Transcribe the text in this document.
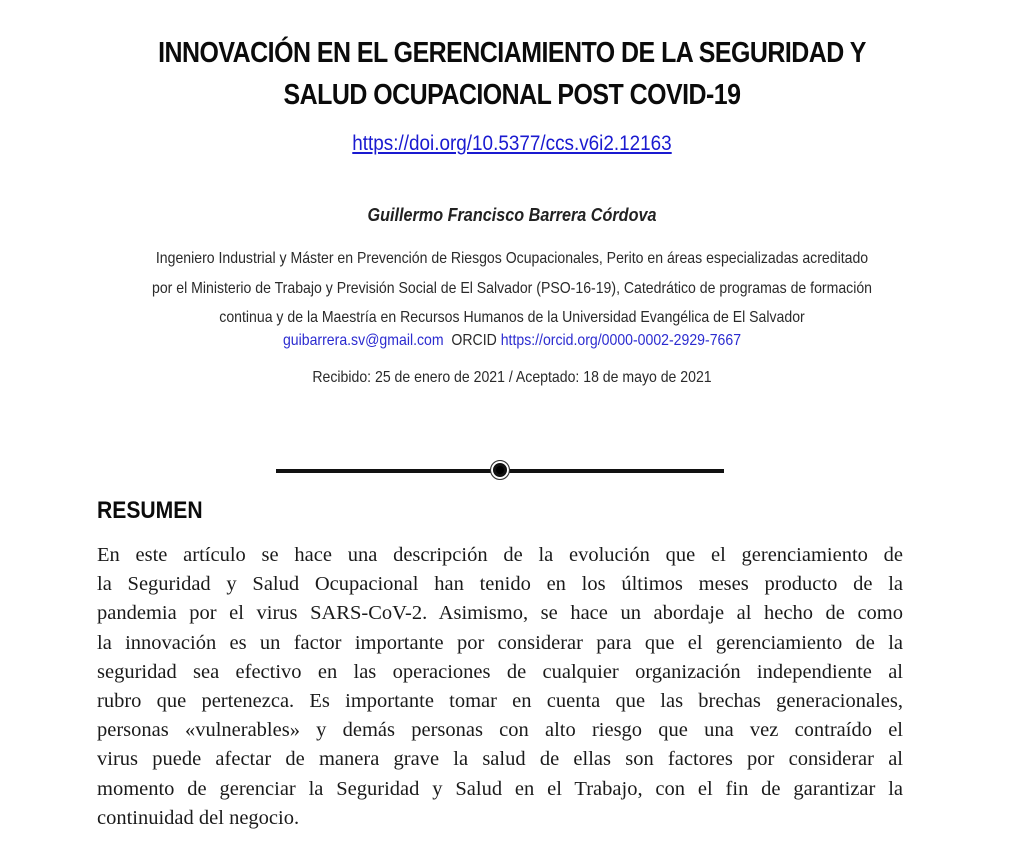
INNOVACIÓN EN EL GERENCIAMIENTO DE LA SEGURIDAD Y
SALUD OCUPACIONAL POST COVID-19
https://doi.org/10.5377/ccs.v6i2.12163
Guillermo Francisco Barrera Córdova
Ingeniero Industrial y Máster en Prevención de Riesgos Ocupacionales, Perito en áreas especializadas acreditado
por el Ministerio de Trabajo y Previsión Social de El Salvador (PSO-16-19), Catedrático de programas de formación
continua y de la Maestría en Recursos Humanos de la Universidad Evangélica de El Salvador
guibarrera.sv@gmail.com ORCID https://orcid.org/0000-0002-2929-7667
Recibido: 25 de enero de 2021 / Aceptado: 18 de mayo de 2021
RESUMEN
En este artículo se hace una descripción de la evolución que el gerenciamiento de
la Seguridad y Salud Ocupacional han tenido en los últimos meses producto de la
pandemia por el virus SARS-CoV-2. Asimismo, se hace un abordaje al hecho de como
la innovación es un factor importante por considerar para que el gerenciamiento de la
seguridad sea efectivo en las operaciones de cualquier organización independiente al
rubro que pertenezca. Es importante tomar en cuenta que las brechas generacionales,
personas «vulnerables» y demás personas con alto riesgo que una vez contraído el
virus puede afectar de manera grave la salud de ellas son factores por considerar al
momento de gerenciar la Seguridad y Salud en el Trabajo, con el fin de garantizar la
continuidad del negocio.
